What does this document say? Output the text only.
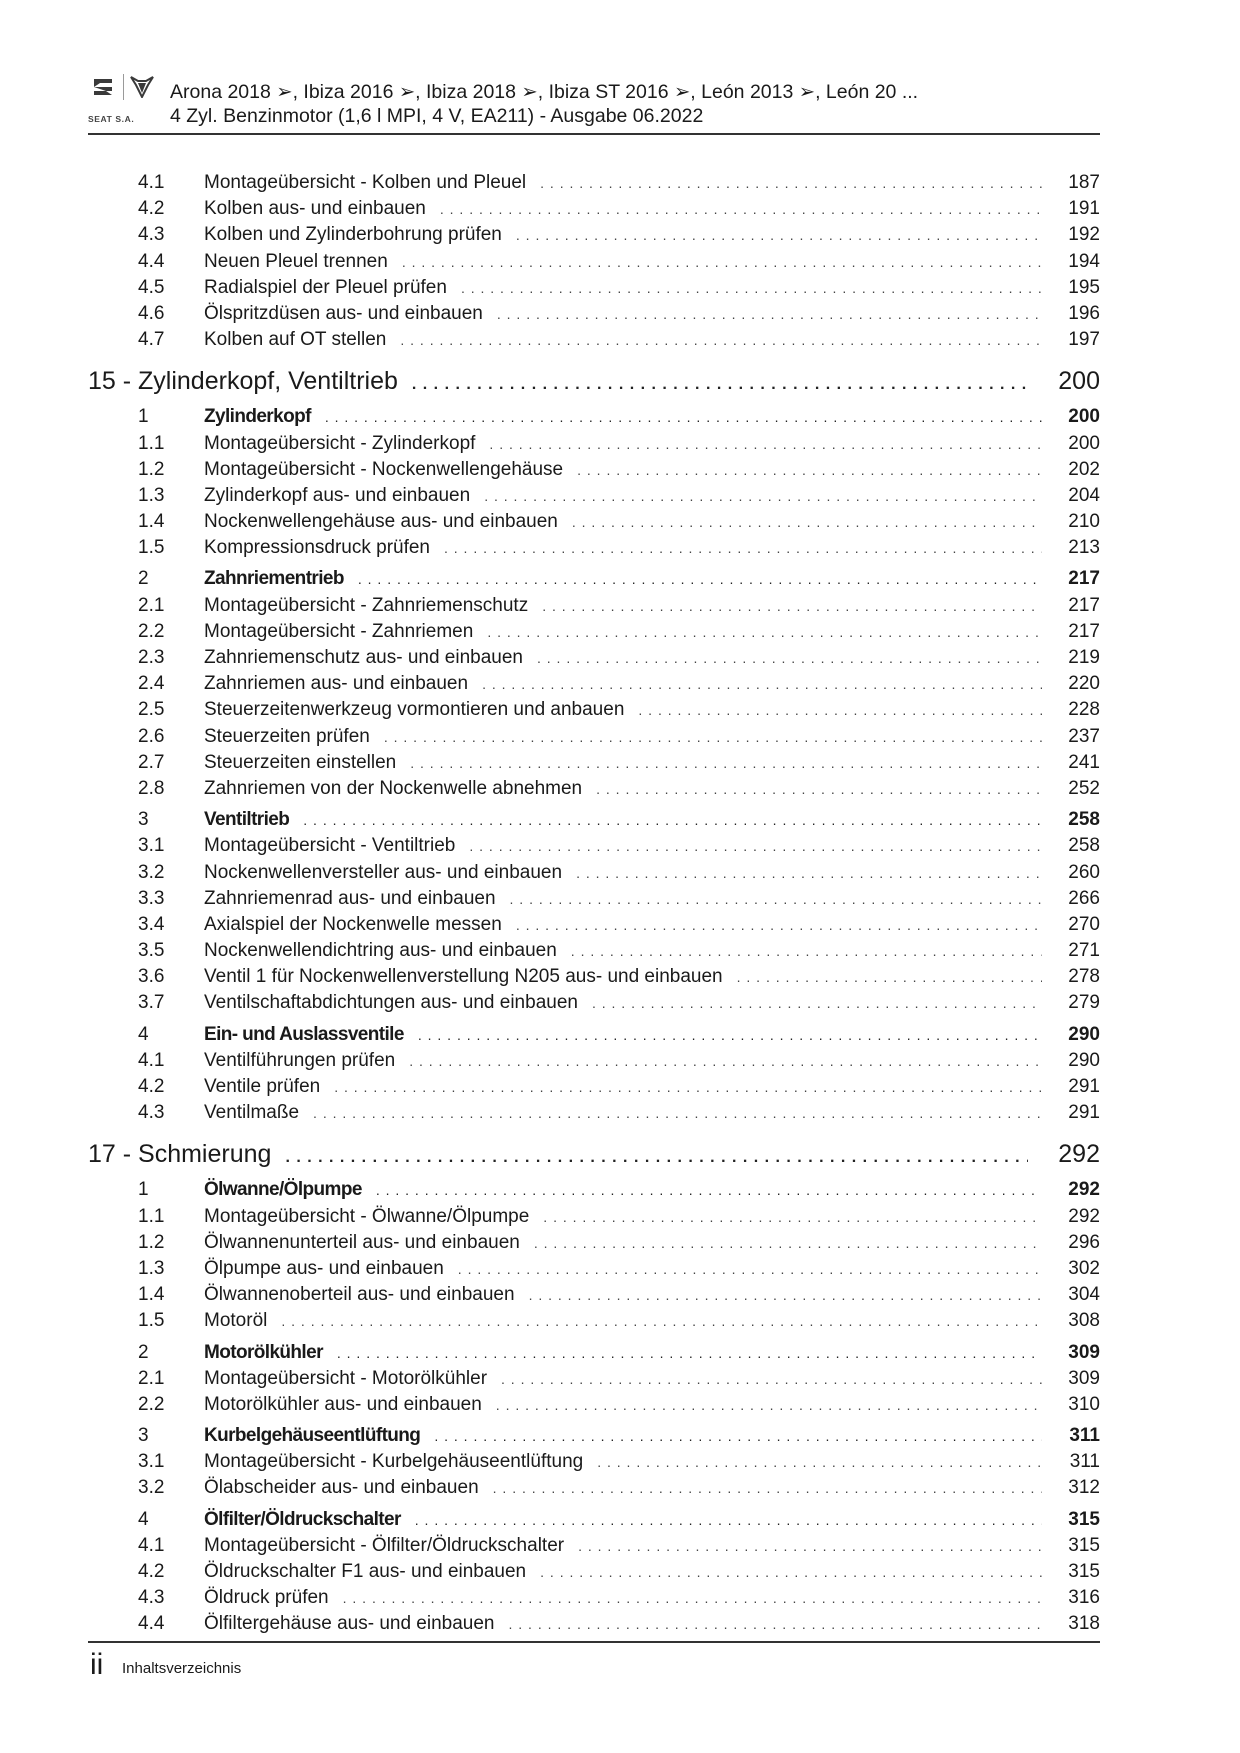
SEAT S.A.
Arona 2018 ➢, Ibiza 2016 ➢, Ibiza 2018 ➢, Ibiza ST 2016 ➢, León 2013 ➢, León 20 ...
4 Zyl. Benzinmotor (1,6 l MPI, 4 V, EA211) - Ausgabe 06.2022
4.1	Montageübersicht - Kolben und Pleuel . . .	187
4.2	Kolben aus- und einbauen . . .	191
4.3	Kolben und Zylinderbohrung prüfen . . .	192
4.4	Neuen Pleuel trennen . . .	194
4.5	Radialspiel der Pleuel prüfen . . .	195
4.6	Ölspritzdüsen aus- und einbauen . . .	196
4.7	Kolben auf OT stellen . . .	197
15 - Zylinderkopf, Ventiltrieb . . .	200
1	Zylinderkopf . . .	200
1.1	Montageübersicht - Zylinderkopf . . .	200
1.2	Montageübersicht - Nockenwellengehäuse . . .	202
1.3	Zylinderkopf aus- und einbauen . . .	204
1.4	Nockenwellengehäuse aus- und einbauen . . .	210
1.5	Kompressionsdruck prüfen . . .	213
2	Zahnriementrieb . . .	217
2.1	Montageübersicht - Zahnriemenschutz . . .	217
2.2	Montageübersicht - Zahnriemen . . .	217
2.3	Zahnriemenschutz aus- und einbauen . . .	219
2.4	Zahnriemen aus- und einbauen . . .	220
2.5	Steuerzeitenwerkzeug vormontieren und anbauen . . .	228
2.6	Steuerzeiten prüfen . . .	237
2.7	Steuerzeiten einstellen . . .	241
2.8	Zahnriemen von der Nockenwelle abnehmen . . .	252
3	Ventiltrieb . . .	258
3.1	Montageübersicht - Ventiltrieb . . .	258
3.2	Nockenwellenversteller aus- und einbauen . . .	260
3.3	Zahnriemenrad aus- und einbauen . . .	266
3.4	Axialspiel der Nockenwelle messen . . .	270
3.5	Nockenwellendichtring aus- und einbauen . . .	271
3.6	Ventil 1 für Nockenwellenverstellung N205 aus- und einbauen . . .	278
3.7	Ventilschaftabdichtungen aus- und einbauen . . .	279
4	Ein- und Auslassventile . . .	290
4.1	Ventilführungen prüfen . . .	290
4.2	Ventile prüfen . . .	291
4.3	Ventilmaße . . .	291
17 - Schmierung . . .	292
1	Ölwanne/Ölpumpe . . .	292
1.1	Montageübersicht - Ölwanne/Ölpumpe . . .	292
1.2	Ölwannenunterteil aus- und einbauen . . .	296
1.3	Ölpumpe aus- und einbauen . . .	302
1.4	Ölwannenoberteil aus- und einbauen . . .	304
1.5	Motoröl . . .	308
2	Motorölkühler . . .	309
2.1	Montageübersicht - Motorölkühler . . .	309
2.2	Motorölkühler aus- und einbauen . . .	310
3	Kurbelgehäuseentlüftung . . .	311
3.1	Montageübersicht - Kurbelgehäuseentlüftung . . .	311
3.2	Ölabscheider aus- und einbauen . . .	312
4	Ölfilter/Öldruckschalter . . .	315
4.1	Montageübersicht - Ölfilter/Öldruckschalter . . .	315
4.2	Öldruckschalter F1 aus- und einbauen . . .	315
4.3	Öldruck prüfen . . .	316
4.4	Ölfiltergehäuse aus- und einbauen . . .	318
ii Inhaltsverzeichnis
